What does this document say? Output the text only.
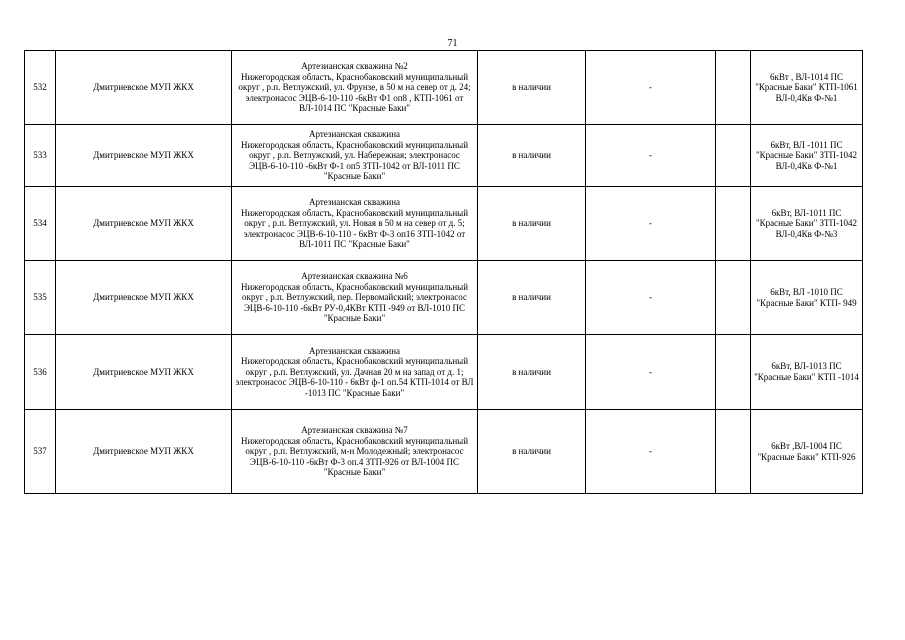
71
532	Дмитриевское МУП ЖКХ	Артезианская скважина №2
Нижегородская область, Краснобаковский муниципальный округ , р.п. Ветлужский, ул. Фрунзе, в 50 м на север от д. 24; электронасос ЭЦВ-6-10-110 -6кВт Ф1 оп8 , КТП-1061 от ВЛ-1014 ПС "Красные Баки"	в наличии	-		6кВт , ВЛ-1014 ПС "Красные Баки" КТП-1061 ВЛ-0,4Кв Ф-№1
533	Дмитриевское МУП ЖКХ	Артезианская скважина
Нижегородская область, Краснобаковский муниципальный округ , р.п. Ветлужский, ул. Набережная; электронасос ЭЦВ-6-10-110 -6кВт Ф-1 оп5 ЗТП-1042 от ВЛ-1011 ПС "Красные Баки"	в наличии	-		6кВт, ВЛ -1011 ПС "Красные Баки" ЗТП-1042 ВЛ-0,4Кв Ф-№1
534	Дмитриевское МУП ЖКХ	Артезианская скважина
Нижегородская область, Краснобаковский муниципальный округ , р.п. Ветлужский, ул. Новая в 50 м на север от д. 5; электронасос ЭЦВ-6-10-110 - 6кВт Ф-3 оп16 ЗТП-1042 от ВЛ-1011 ПС "Красные Баки"	в наличии	-		6кВт, ВЛ-1011 ПС "Красные Баки" ЗТП-1042 ВЛ-0,4Кв Ф-№3
535	Дмитриевское МУП ЖКХ	Артезианская скважина №6
Нижегородская область, Краснобаковский муниципальный округ , р.п. Ветлужский, пер. Первомайский; электронасос ЭЦВ-6-10-110 -6кВт РУ-0,4КВт КТП -949 от ВЛ-1010 ПС "Красные Баки"	в наличии	-		6кВт, ВЛ -1010 ПС "Красные Баки" КТП- 949
536	Дмитриевское МУП ЖКХ	Артезианская скважина
Нижегородская область, Краснобаковский муниципальный округ , р.п. Ветлужский, ул. Дачная 20 м на запад от д. 1; электронасос ЭЦВ-6-10-110 - 6кВт ф-1 оп.54 КТП-1014 от ВЛ -1013 ПС "Красные Баки"	в наличии	-		6кВт, ВЛ-1013 ПС "Красные Баки" КТП -1014
537	Дмитриевское МУП ЖКХ	Артезианская скважина №7
Нижегородская область, Краснобаковский муниципальный округ , р.п. Ветлужский, м-н Молодежный; электронасос ЭЦВ-6-10-110 -6кВт Ф-3 оп.4 ЗТП-926 от ВЛ-1004 ПС "Красные Баки"	в наличии	-		6кВт ,ВЛ-1004 ПС "Красные Баки" КТП-926
